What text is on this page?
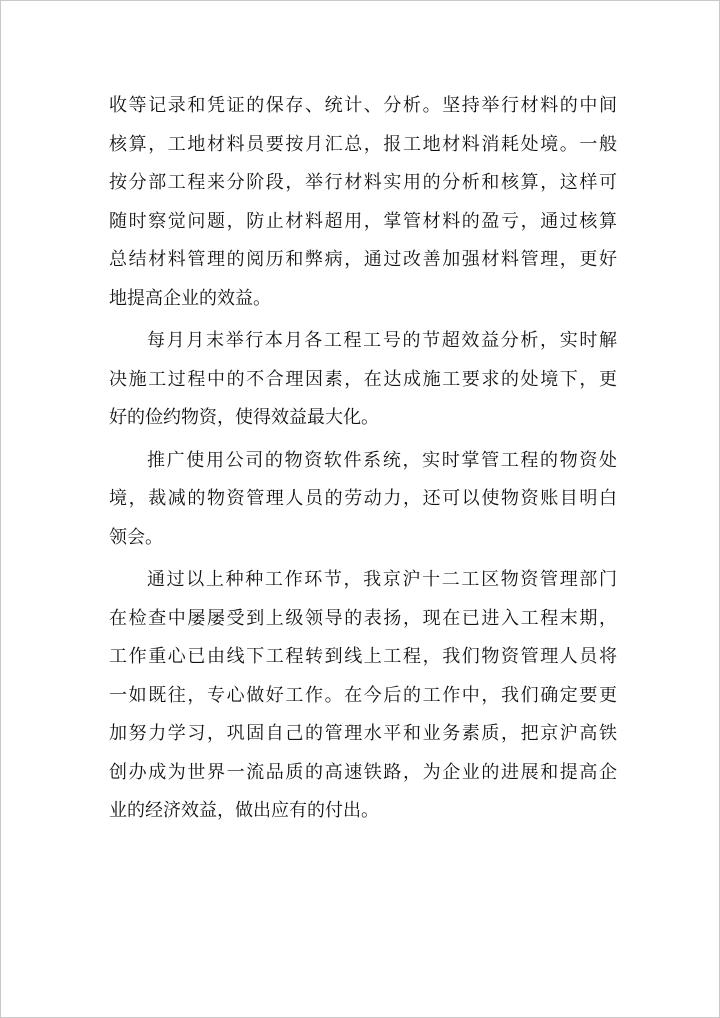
收等记录和凭证的保存、统计、分析。坚持举行材料的中间
核算，工地材料员要按月汇总，报工地材料消耗处境。一般
按分部工程来分阶段，举行材料实用的分析和核算，这样可
随时察觉问题，防止材料超用，掌管材料的盈亏，通过核算
总结材料管理的阅历和弊病，通过改善加强材料管理，更好
地提高企业的效益。
每月月末举行本月各工程工号的节超效益分析，实时解
决施工过程中的不合理因素，在达成施工要求的处境下，更
好的俭约物资，使得效益最大化。
推广使用公司的物资软件系统，实时掌管工程的物资处
境，裁减的物资管理人员的劳动力，还可以使物资账目明白
领会。
通过以上种种工作环节，我京沪十二工区物资管理部门
在检查中屡屡受到上级领导的表扬，现在已进入工程末期，
工作重心已由线下工程转到线上工程，我们物资管理人员将
一如既往，专心做好工作。在今后的工作中，我们确定要更
加努力学习，巩固自己的管理水平和业务素质，把京沪高铁
创办成为世界一流品质的高速铁路，为企业的进展和提高企
业的经济效益，做出应有的付出。
